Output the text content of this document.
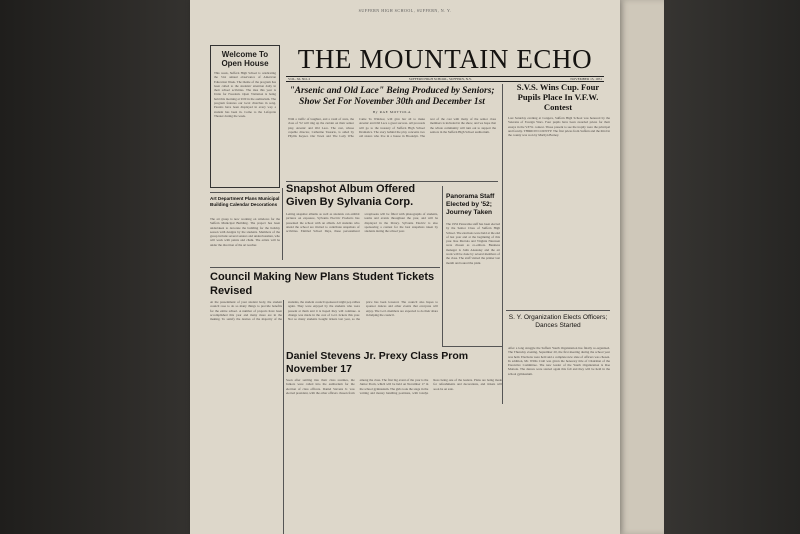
SUFFERN HIGH SCHOOL, SUFFERN, N. Y.
Welcome To Open House
This week, Suffern High School is celebrating the 31st annual observance of American Education Week. The theme of the program has been called to the students' attention daily in their school activities. The idea this year is Unite for Freedom. Open Visitation is being held this morning at 9:00 in the auditorium. The program features our local churches in song. Parents have been displayed in every way a student has been in. Come to the Lafayette Theater during the week.
THE MOUNTAIN ECHO
VOL. XL NO. 2	SUFFERN HIGH SCHOOL, SUFFERN, N.Y.	NOVEMBER 15, 1951
"Arsenic and Old Lace" Being Produced by Seniors; Show Set For November 30th and December 1st
By RAE MOTTOLA
With a traffic of laughter, and a vault of stars, the class of '52 will ring up the curtain on their senior play, Arsenic and Old Lace. The cast, whose capable director, Catherine Tassarlo, is aided by Phyllis Keyser. Our Town and The Lady Who Came To Windsor, will give her all to make Arsenic and Old Lace a great success. All proceeds will go to the treasury of Suffern High School Dramatics. The story behind the play concerns two old sisters who live in a house in Brooklyn. The rest of the cast with many of the senior class members is included in the show, and we hope that the whole community will turn out to support the seniors in the Suffern High School auditorium.
S.V.S. Wins Cup. Four Pupils Place In V.F.W. Contest
Last Saturday evening at Congers, Suffern High School was honored by the Veterans of Foreign Wars. Four pupils have been awarded prizes for their essays in the V.F.W. contest. Those present to see the trophy were the principal and faculty. THIRD IN COUNTY: The first prizes from Suffern and the third in the county was won by Marilyn Barney.
Art Department Plans Municipal Building Calendar Decorations
The art group is now working on windows for the Suffern Municipal Building. The project has been undertaken to decorate the building for the holiday season with designs by the students. Members of the group include several seniors and underclassmen, who will work with paints and chalk. The artists will be under the direction of the art teacher.
Snapshot Album Offered Given By Sylvania Corp.
Letting snapshot albums as well as students can exhibit pictures on exposure, Sylvania Electric Products has presented the school with an album. All students who attend the school are invited to contribute snapshots of activities. Entitled School Days, these personalized scrapbooks will be filled with photographs of students, teams and events throughout the year, and will be displayed in the library. Sylvania Electric is also sponsoring a contest for the best snapshots taken by students during the school year.
Panorama Staff Elected by '52; Journey Taken
The 1952 Panorama staff has been elected by the Senior Class of Suffern High School. The elections were held at the end of last year and at the beginning of this year. Rae Mottola and Virginia Nieuwen were chosen as co-editors. Business manager is John Anatosky and the art work will be done by several members of the class. The staff visited the printer last month and toured the plant.
Council Making New Plans Student Tickets Revised
At the presentment of your student body, the student council rose to do so many things to provide benefits for the entire school. A number of projects have been accomplished this year and many more are in the making. To satisfy the desires of the majority of the students, the student council sponsored night pep rallies again. They were enjoyed by the students who were present at them and it is hoped they will continue. A change was made in the cost of G.O. tickets this year. Not so many students bought tickets last year, so the price has been lowered. The council also hopes to sponsor dances and other events that everyone will enjoy. The G.O. members are expected to do their share in helping the council.	S. Y. Organization Elects Officers; Dances Started
After a long struggle the Suffern Youth Organization has finally re-organized. The Thursday evening, September 20, the first meeting during the school year was held. Elections were held and a complete new slate of officers was chosen. In addition, Mr. Willis Crall was given the honorary title of Chairman of the Executive Committee. The new leader of the Youth Organization is Rae Mottola. The dances were started again this fall and they will be held in the school gymnasium.
Daniel Stevens Jr. Prexy Class Prom November 17
Soon after settling into their class routines, the Juniors were called into the auditorium for the election of class officers. Daniel Stevens Jr. was elected president, with the other officers chosen from among the class. The first big event of the year is the Junior Prom, which will be held on November 17 in the school gymnasium. The girls took the stage in the writing and money handling positions, with Gladys Ross being one of the leaders. Plans are being made for refreshments and decorations, and tickets will soon be on sale.
